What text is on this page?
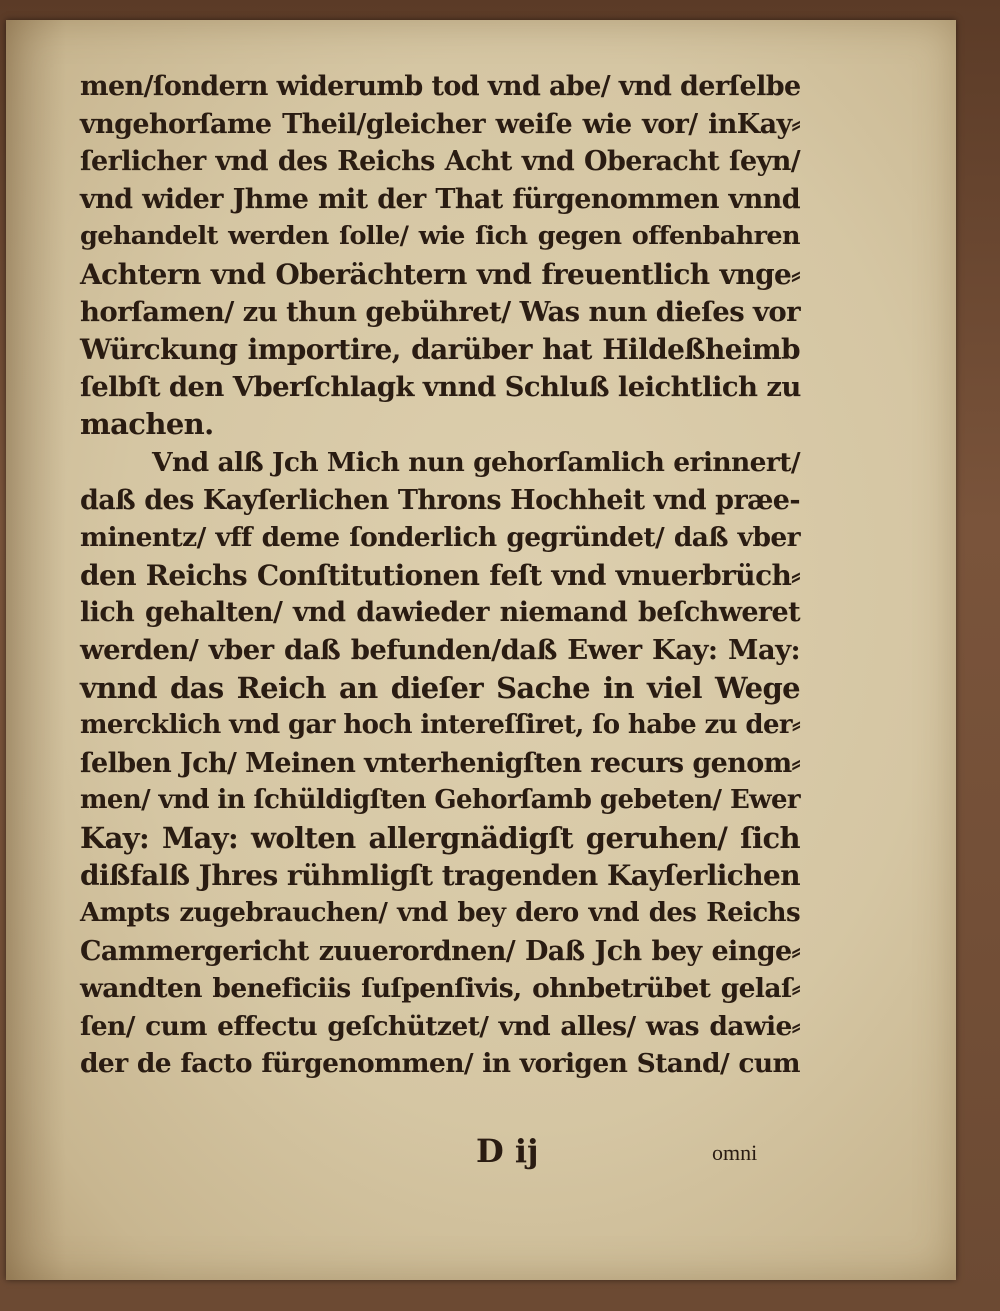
men/ſondern widerumb tod vnd abe/ vnd derſelbe
vngehorſame Theil/gleicher weiſe wie vor/ inKay⸗
ſerlicher vnd des Reichs Acht vnd Oberacht ſeyn/
vnd wider Jhme mit der That fürgenommen vnnd
gehandelt werden ſolle/ wie ſich gegen offenbahren
Achtern vnd Oberächtern vnd freuentlich vnge⸗
horſamen/ zu thun gebühret/ Was nun dieſes vor
Würckung importire, darüber hat Hildeßheimb
ſelbſt den Vberſchlagk vnnd Schluß leichtlich zu
machen.
Vnd alß Jch Mich nun gehorſamlich erinnert/
daß des Kayſerlichen Throns Hochheit vnd præe-
minentz/ vff deme ſonderlich gegründet/ daß vber
den Reichs Conſtitutionen feſt vnd vnuerbrüch⸗
lich gehalten/ vnd dawieder niemand beſchweret
werden/ vber daß befunden/daß Ewer Kay: May:
vnnd das Reich an dieſer Sache in viel Wege
mercklich vnd gar hoch intereſſiret, ſo habe zu der⸗
ſelben Jch/ Meinen vnterhenigſten recurs genom⸗
men/ vnd in ſchüldigſten Gehorſamb gebeten/ Ewer
Kay: May: wolten allergnädigſt geruhen/ ſich
dißfalß Jhres rühmligſt tragenden Kayſerlichen
Ampts zugebrauchen/ vnd bey dero vnd des Reichs
Cammergericht zuuerordnen/ Daß Jch bey einge⸗
wandten beneficiis ſuſpenſivis, ohnbetrübet gelaſ⸗
ſen/ cum effectu geſchützet/ vnd alles/ was dawie⸗
der de facto fürgenommen/ in vorigen Stand/ cum
D ij	omni
